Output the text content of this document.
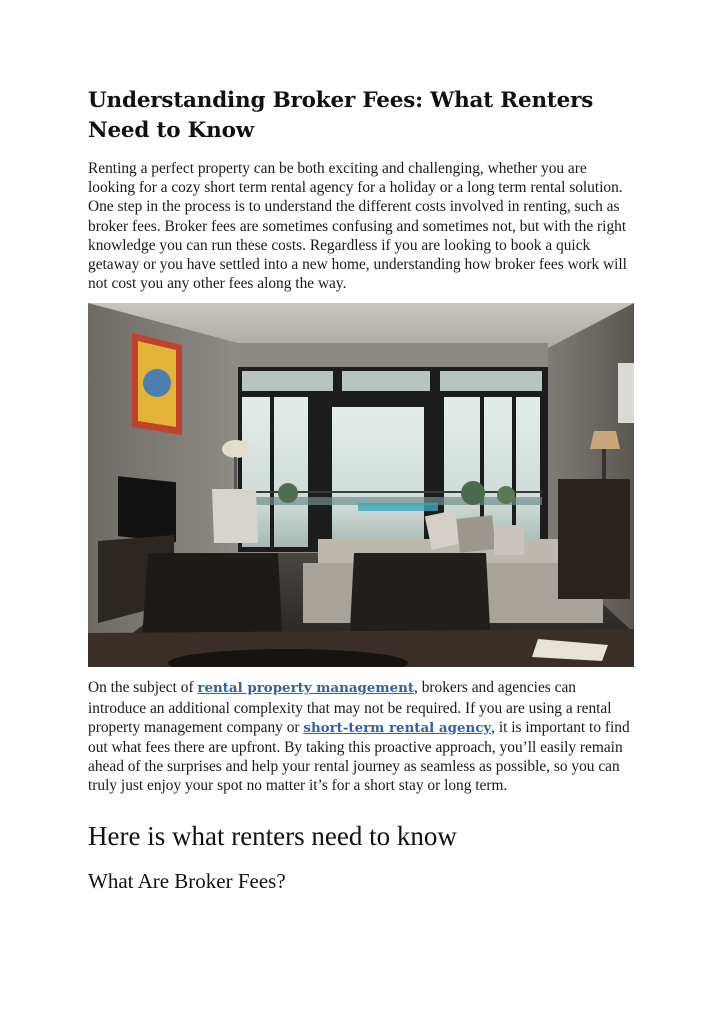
Understanding Broker Fees: What Renters Need to Know

Renting a perfect property can be both exciting and challenging, whether you are looking for a cozy short term rental agency for a holiday or a long term rental solution. One step in the process is to understand the different costs involved in renting, such as broker fees. Broker fees are sometimes confusing and sometimes not, but with the right knowledge you can run these costs. Regardless if you are looking to book a quick getaway or you have settled into a new home, understanding how broker fees work will not cost you any other fees along the way.

On the subject of rental property management, brokers and agencies can introduce an additional complexity that may not be required. If you are using a rental property management company or short-term rental agency, it is important to find out what fees there are upfront. By taking this proactive approach, you’ll easily remain ahead of the surprises and help your rental journey as seamless as possible, so you can truly just enjoy your spot no matter it’s for a short stay or long term.

Here is what renters need to know
What Are Broker Fees?
